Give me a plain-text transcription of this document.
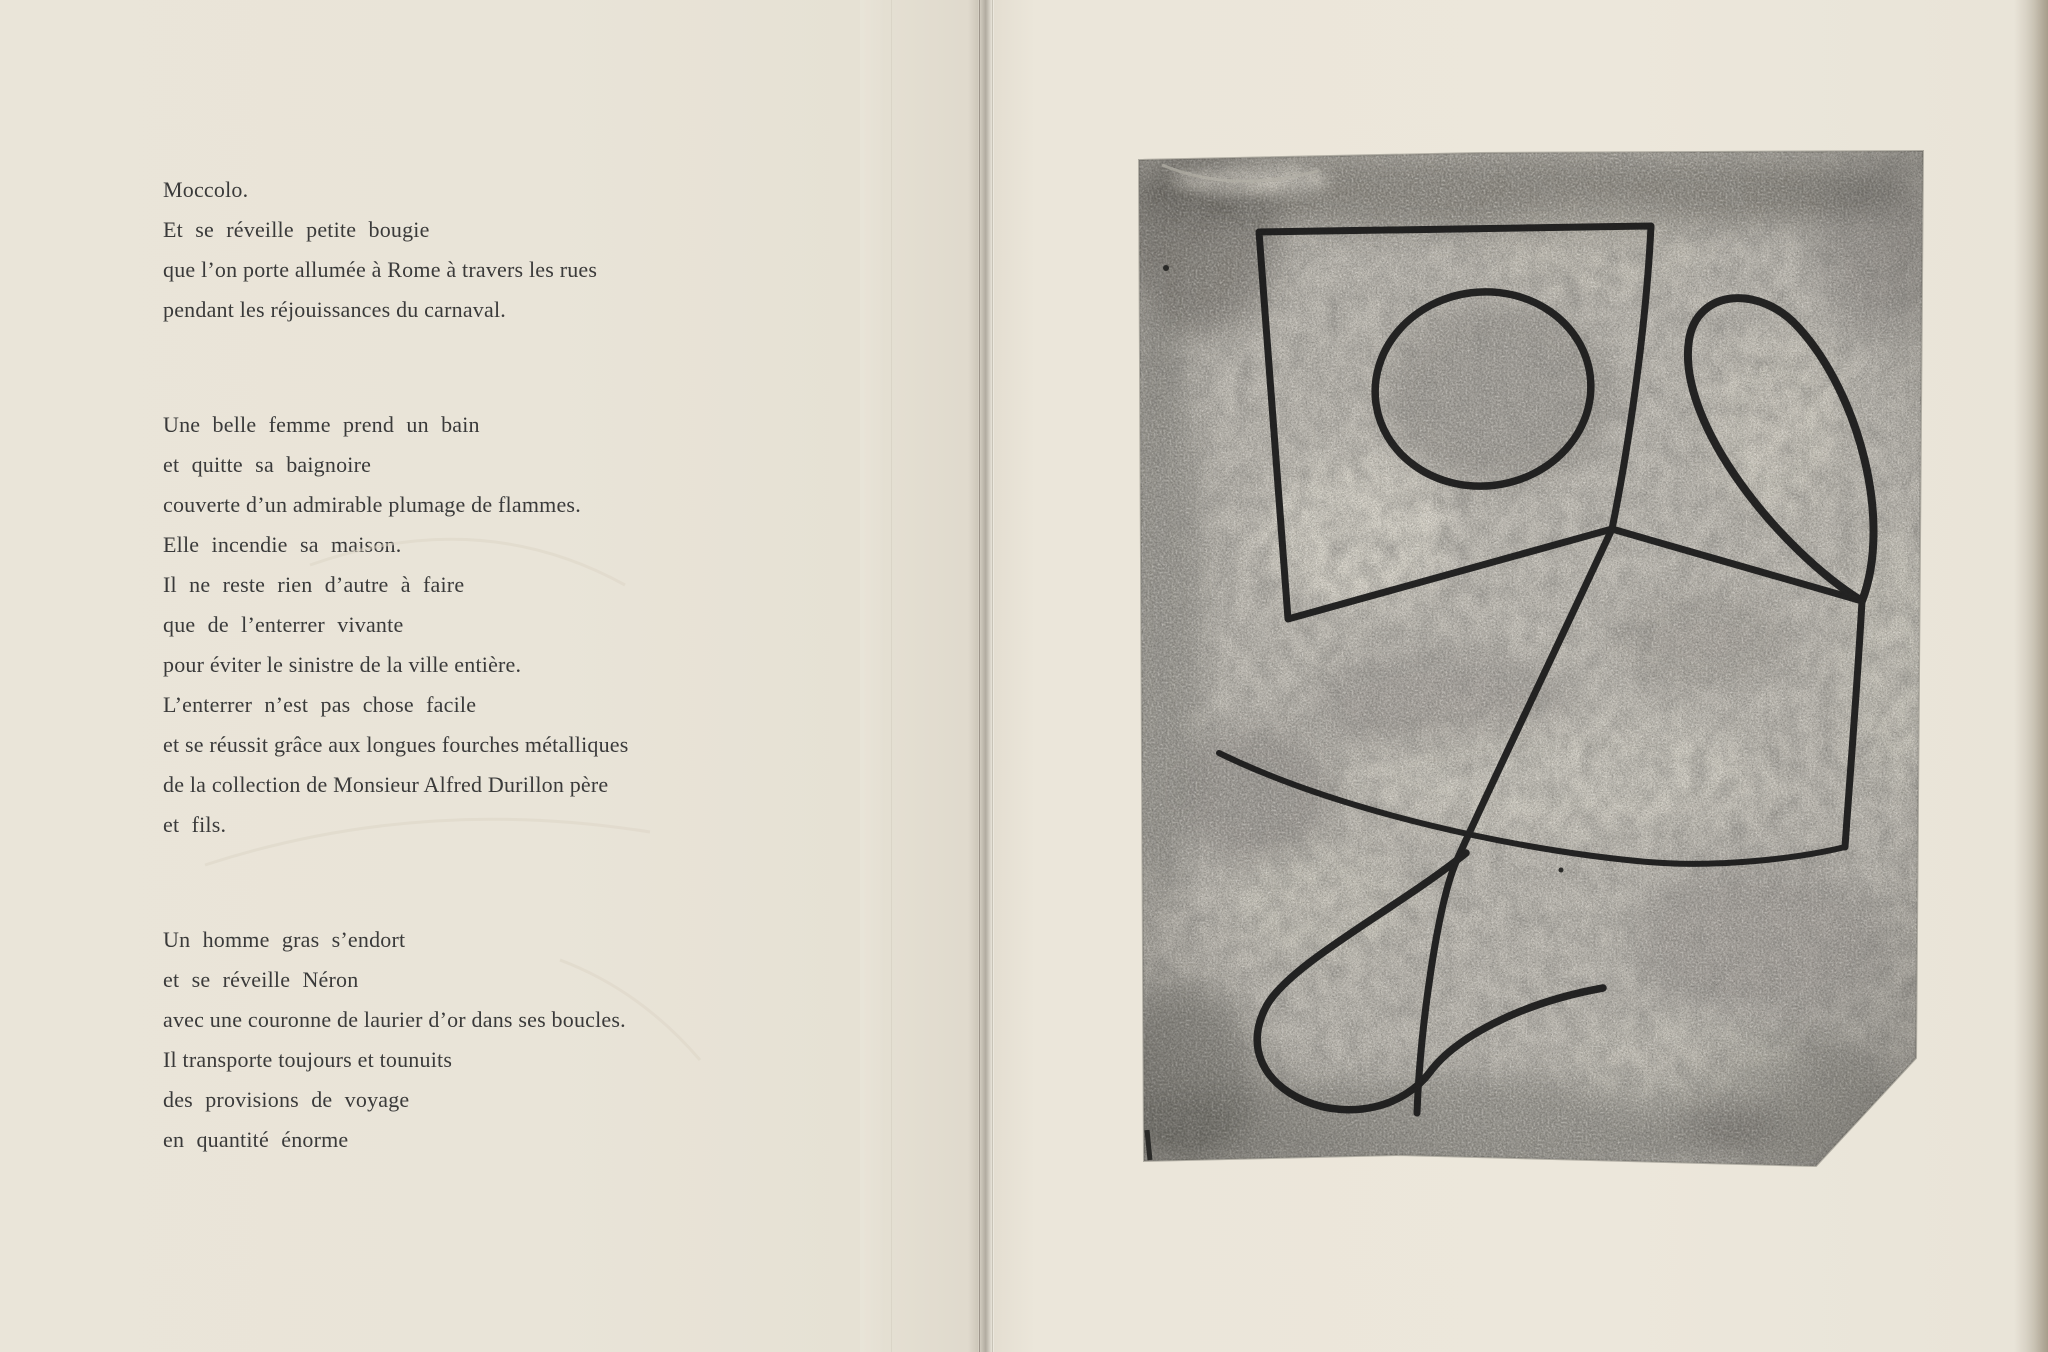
Moccolo.
Et se réveille petite bougie
que l’on porte allumée à Rome à travers les rues
pendant les réjouissances du carnaval.
Une belle femme prend un bain
et quitte sa baignoire
couverte d’un admirable plumage de flammes.
Elle incendie sa maison.
Il ne reste rien d’autre à faire
que de l’enterrer vivante
pour éviter le sinistre de la ville entière.
L’enterrer n’est pas chose facile
et se réussit grâce aux longues fourches métalliques
de la collection de Monsieur Alfred Durillon père
et fils.
Un homme gras s’endort
et se réveille Néron
avec une couronne de laurier d’or dans ses boucles.
Il transporte toujours et tounuits
des provisions de voyage
en quantité énorme
